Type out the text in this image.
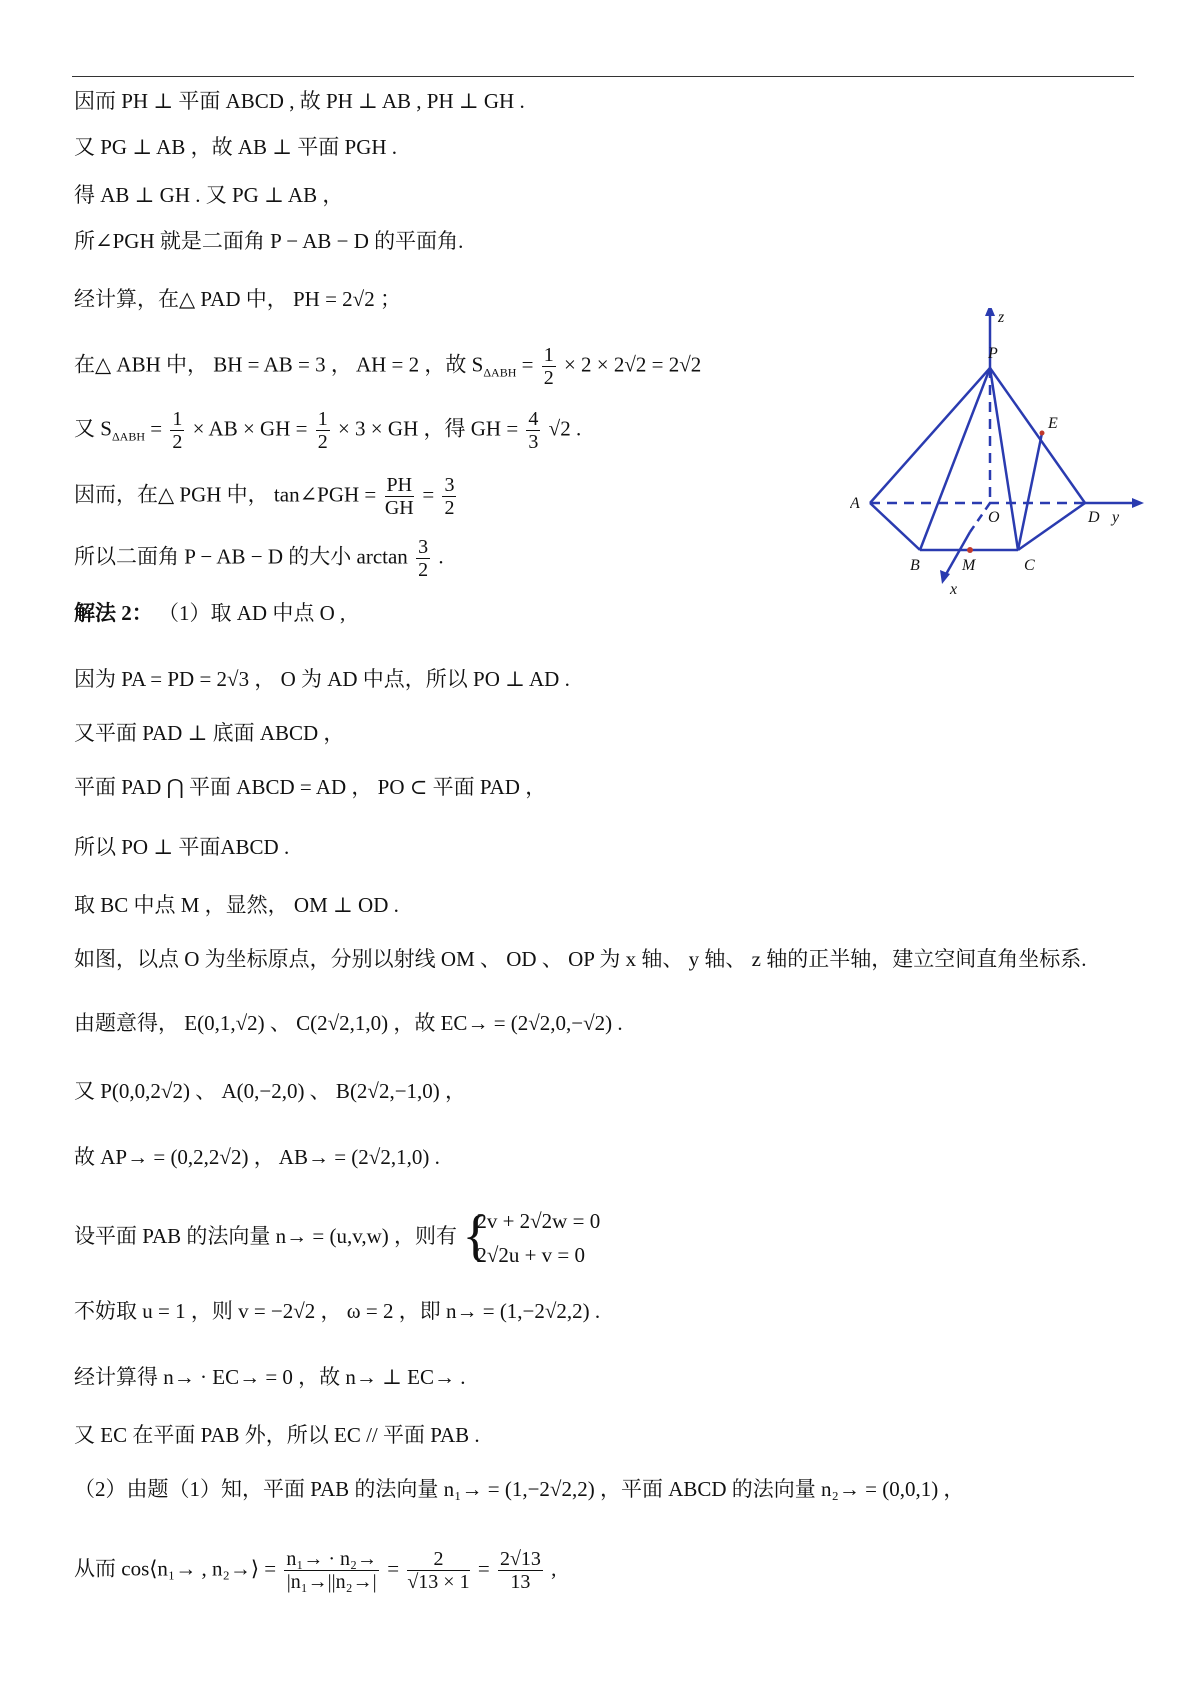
因而 PH ⊥ 平面 ABCD , 故 PH ⊥ AB , PH ⊥ GH .
又 PG ⊥ AB ，故 AB ⊥ 平面 PGH .
得 AB ⊥ GH . 又 PG ⊥ AB ，
所∠PGH 就是二面角 P − AB − D 的平面角.
经计算，在△ PAD 中， PH = 2√2 ；
在△ ABH 中， BH = AB = 3 ， AH = 2 ，故 $S_{\Delta ABH} = \frac{1}{2} \times 2 \times 2√2 = 2√2$
又 $S_{\Delta ABH} = \frac{1}{2}$ × AB × GH = $\frac{1}{2} \times 3$ × GH ，得 GH = $\frac{4}{3} √2$ .
因而，在△ PGH 中， tan∠PGH = $\frac{PH}{GH} = \frac{3}{2}$
所以二面角 P − AB − D 的大小 $\arctan \frac{3}{2}$ .
解法 2： （1）取 AD 中点 O ,
因为 PA = PD = 2√3 ， O 为 AD 中点，所以 PO ⊥ AD .
又平面 PAD ⊥ 底面 ABCD ，
平面 PAD ⋂ 平面 ABCD = AD ， PO ⊂ 平面 PAD ，
所以 PO ⊥ 平面ABCD .
取 BC 中点 M ，显然， OM ⊥ OD .
如图，以点 O 为坐标原点，分别以射线 OM 、 OD 、 OP 为 x 轴、 y 轴、 z 轴的正半轴，建立空间直角坐标系.
由题意得， E(0,1,√2) 、 C(2√2,1,0) ，故 EC→ = (2√2,0,−√2) .
又 P(0,0,2√2) 、 A(0,−2,0) 、 B(2√2,−1,0) ，
故 AP→ = (0,2,2√2) ， AB→ = (2√2,1,0) .
设平面 PAB 的法向量 n→ = (u,v,w) ，则有 {
2v + 2√2w = 0
2√2u + v = 0
不妨取 u = 1 ，则 v = −2√2 ， ω = 2 ，即 n→ = (1,−2√2,2) .
经计算得 n→ · EC→ = 0 ，故 n→ ⊥ EC→ .
又 EC 在平面 PAB 外，所以 EC // 平面 PAB .
（2）由题（1）知，平面 PAB 的法向量 n₁→ = (1,−2√2,2) ，平面 ABCD 的法向量 n₂→ = (0,0,1) ，
从而 cos⟨n₁→ , n₂→⟩ = $\frac{\text{n₁→ · n₂→}}{\text{|n₁→||n₂→|}} = \frac{2}{√13 \times 1} = \frac{2√13}{13}$ ,
z
P
E
A
O	D y
B	M	C
x
